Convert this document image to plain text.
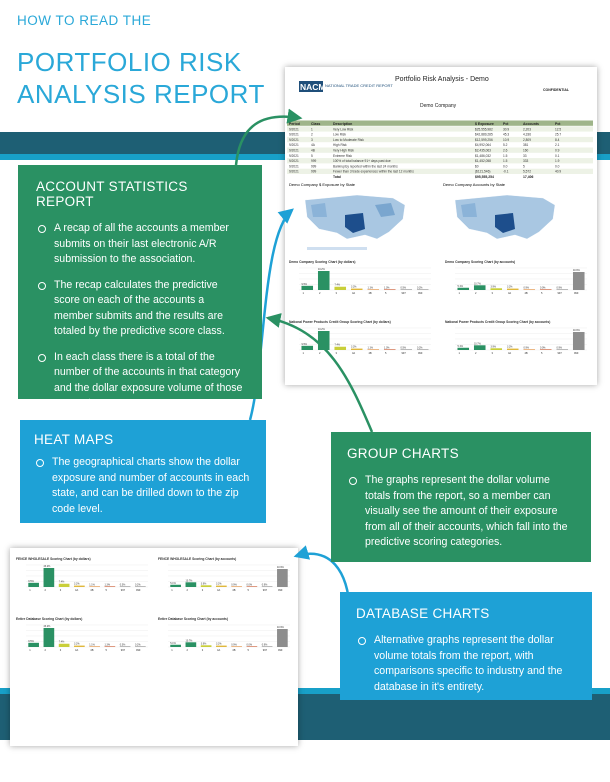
HOW TO READ THE
PORTFOLIO RISK
ANALYSIS REPORT	NACM NATIONAL TRADE CREDIT REPORT
Portfolio Risk Analysis - Demo
CONFIDENTIAL
Demo Company
Period	Class	Description	$ Exposure	Pct	Accounts	Pct
9/2021	1	Very Low Risk	$25,555,982	30.9	2,203	12.5
9/2021	2	Low Risk	$42,889,285	45.3	4,336	25.7
9/2021	3	Low to Moderate Risk	$12,599,256	10.9	2,809	8.4
9/2021	4A	High Risk	$4,992,064	5.2	381	2.1
9/2021	4B	Very High Risk	$2,435,063	2.6	160	0.9
9/2021	5	Extreme Risk	$1,486,032	1.5	33	0.1
9/2021	999	100% of total balance 91+ days past due	$1,452,058	1.5	333	1.9
9/2021	999	Bankruptcy reported within the last 24 months	$0	0.0	5	0.0
9/2021	999	Fewer than 3 trade experiences within the last 12 months	($121,546)	-0.1	5,572	40.9
Total	$95,555,254	17,406
Demo Company $ Exposure by State	Demo Company Accounts by State
Demo Company Scoring Chart (by dollars)
9.5%
1
43.2%
2
7.4%
3
3.2%
4A
1.1%
4B
1.3%
5
0.5%
997
0.2%
999
Demo Company Scoring Chart (by accounts)
5.1%
1
10.7%
2
3.9%
3
3.2%
4A
0.9%
4B
0.0%
5
0.9%
997
40.9%
999
National Power Products Credit Group Scoring Chart (by dollars)
9.5%
1
43.2%
2
7.4%
3
3.2%
4A
1.1%
4B
1.3%
5
0.5%
997
0.2%
999
National Power Products Credit Group Scoring Chart (by accounts)
5.1%
1
10.7%
2
3.9%
3
3.2%
4A
0.9%
4B
0.0%
5
0.9%
997
40.9%
999
FENCE WHOLESALE Scoring Chart (by dollars)
9.5%
1
43.2%
2
7.4%
3
3.2%
4A
1.1%
4B
1.3%
5
0.5%
997
0.2%
999
FENCE WHOLESALE Scoring Chart (by accounts)
5.1%
1
10.7%
2
3.9%
3
3.2%
4A
0.9%
4B
0.0%
5
0.9%
997
40.9%
999
Entire Database Scoring Chart (by dollars)
9.5%
1
43.2%
2
7.4%
3
3.2%
4A
1.1%
4B
1.3%
5
0.5%
997
0.2%
999
Entire Database Scoring Chart (by accounts)
5.1%
1
10.7%
2
3.9%
3
3.2%
4A
0.9%
4B
0.0%
5
0.9%
997
40.9%
999
ACCOUNT STATISTICS REPORT
A recap of all the accounts a member submits on their last electronic A/R submission to the association.
The recap calculates the predictive score on each of the accounts a member submits and the results are totaled by the predictive score class.
In each class there is a total of the number of the accounts in that category and the dollar exposure volume of those accounts.
HEAT MAPS
The geographical charts show the dollar exposure and number of accounts in each state, and can be drilled down to the zip code level.
GROUP CHARTS
The graphs represent the dollar volume totals from the report, so a member can visually see the amount of their exposure from all of their accounts, which fall into the predictive scoring categories.
DATABASE CHARTS
Alternative graphs represent the dollar volume totals from the report, with comparisons specific to industry and the database in it's entirety.
